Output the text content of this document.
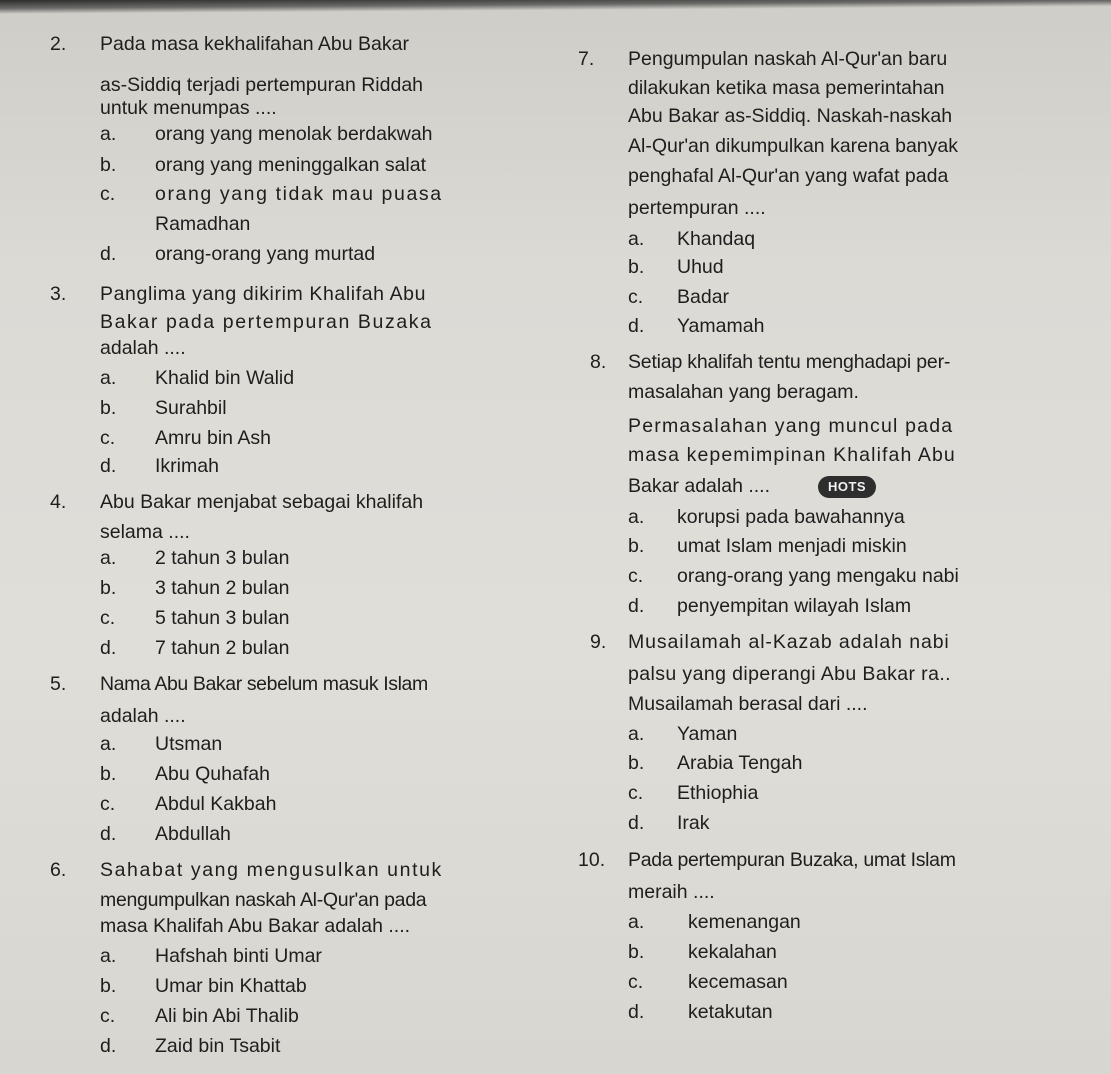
2. Pada masa kekhalifahan Abu Bakar
as-Siddiq terjadi pertempuran Riddah
untuk menumpas ....
a. orang yang menolak berdakwah
b. orang yang meninggalkan salat
c. orang yang tidak mau puasa
Ramadhan
d. orang-orang yang murtad
3. Panglima yang dikirim Khalifah Abu
Bakar pada pertempuran Buzaka
adalah ....
a. Khalid bin Walid
b. Surahbil
c. Amru bin Ash
d. Ikrimah
4. Abu Bakar menjabat sebagai khalifah
selama ....
a. 2 tahun 3 bulan
b. 3 tahun 2 bulan
c. 5 tahun 3 bulan
d. 7 tahun 2 bulan
5. Nama Abu Bakar sebelum masuk Islam
adalah ....
a. Utsman
b. Abu Quhafah
c. Abdul Kakbah
d. Abdullah
6. Sahabat yang mengusulkan untuk
mengumpulkan naskah Al-Qur'an pada
masa Khalifah Abu Bakar adalah ....
a. Hafshah binti Umar
b. Umar bin Khattab
c. Ali bin Abi Thalib
d. Zaid bin Tsabit
7. Pengumpulan naskah Al-Qur'an baru
dilakukan ketika masa pemerintahan
Abu Bakar as-Siddiq. Naskah-naskah
Al-Qur'an dikumpulkan karena banyak
penghafal Al-Qur'an yang wafat pada
pertempuran ....
a. Khandaq
b. Uhud
c. Badar
d. Yamamah
8. Setiap khalifah tentu menghadapi per-
masalahan yang beragam.
Permasalahan yang muncul pada
masa kepemimpinan Khalifah Abu
Bakar adalah ....	HOTS
a. korupsi pada bawahannya
b. umat Islam menjadi miskin
c. orang-orang yang mengaku nabi
d. penyempitan wilayah Islam
9. Musailamah al-Kazab adalah nabi
palsu yang diperangi Abu Bakar ra..
Musailamah berasal dari ....
a. Yaman
b. Arabia Tengah
c. Ethiophia
d. Irak
10. Pada pertempuran Buzaka, umat Islam
meraih ....
a. kemenangan
b. kekalahan
c. kecemasan
d. ketakutan
